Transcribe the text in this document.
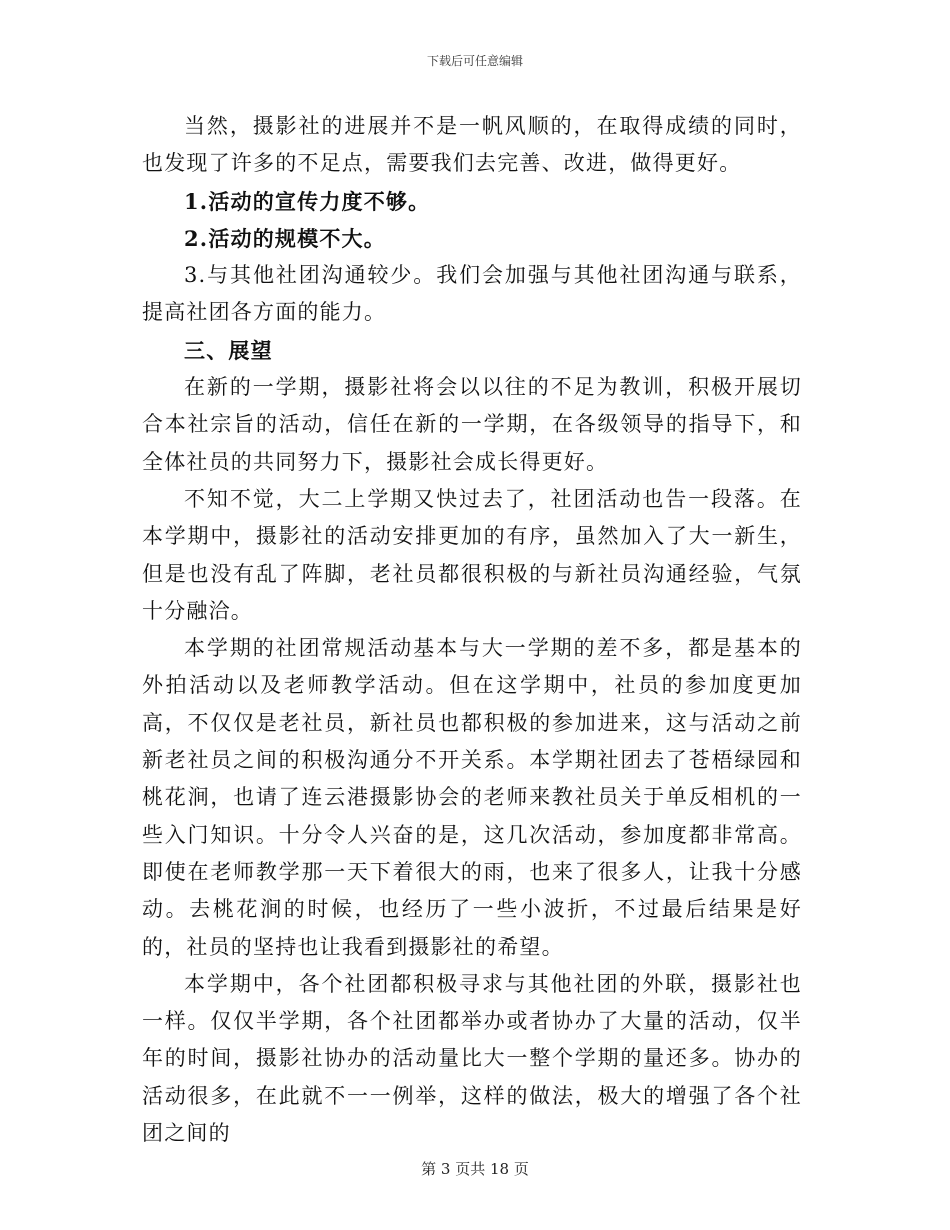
下载后可任意编辑

当然，摄影社的进展并不是一帆风顺的，在取得成绩的同时，也发现了许多的不足点，需要我们去完善、改进，做得更好。

1.活动的宣传力度不够。

2.活动的规模不大。

3.与其他社团沟通较少。我们会加强与其他社团沟通与联系，提高社团各方面的能力。

三、展望

在新的一学期，摄影社将会以以往的不足为教训，积极开展切合本社宗旨的活动，信任在新的一学期，在各级领导的指导下，和全体社员的共同努力下，摄影社会成长得更好。

不知不觉，大二上学期又快过去了，社团活动也告一段落。在本学期中，摄影社的活动安排更加的有序，虽然加入了大一新生，但是也没有乱了阵脚，老社员都很积极的与新社员沟通经验，气氛十分融洽。

本学期的社团常规活动基本与大一学期的差不多，都是基本的外拍活动以及老师教学活动。但在这学期中，社员的参加度更加高，不仅仅是老社员，新社员也都积极的参加进来，这与活动之前新老社员之间的积极沟通分不开关系。本学期社团去了苍梧绿园和桃花涧，也请了连云港摄影协会的老师来教社员关于单反相机的一些入门知识。十分令人兴奋的是，这几次活动，参加度都非常高。即使在老师教学那一天下着很大的雨，也来了很多人，让我十分感动。去桃花涧的时候，也经历了一些小波折，不过最后结果是好的，社员的坚持也让我看到摄影社的希望。

本学期中，各个社团都积极寻求与其他社团的外联，摄影社也一样。仅仅半学期，各个社团都举办或者协办了大量的活动，仅半年的时间，摄影社协办的活动量比大一整个学期的量还多。协办的活动很多，在此就不一一例举，这样的做法，极大的增强了各个社团之间的

第 3 页共 18 页
